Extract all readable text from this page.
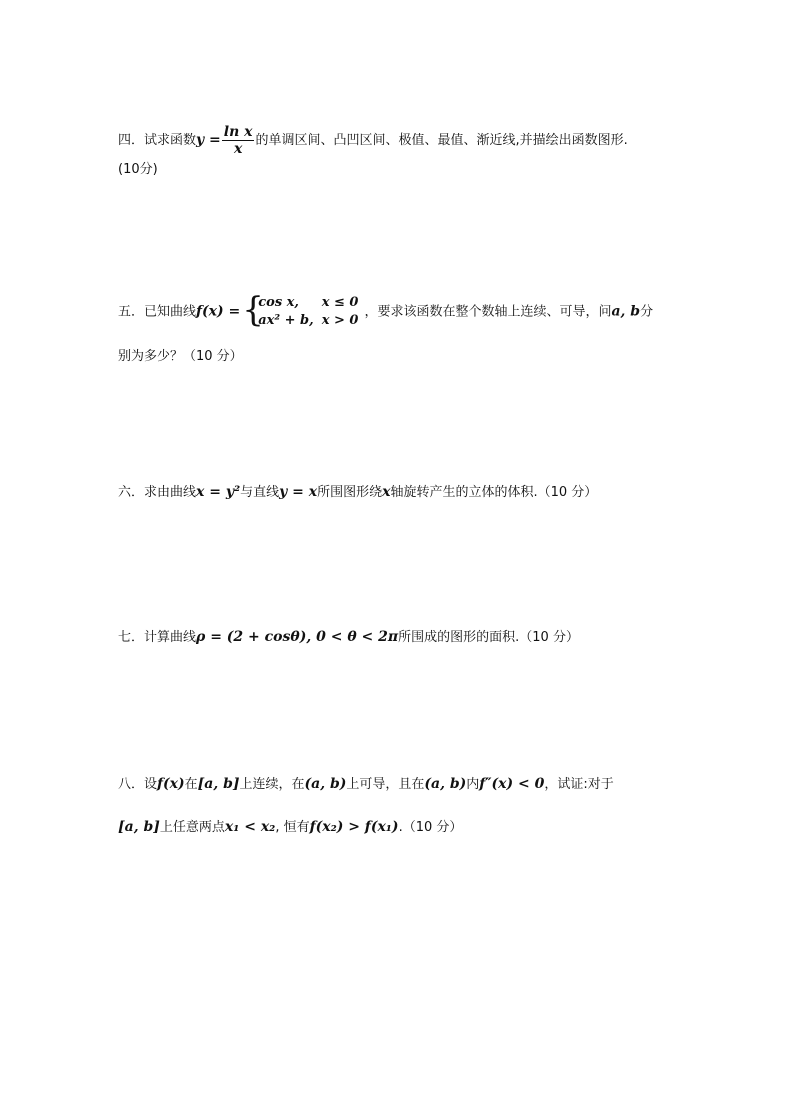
四．试求函数$y = \frac{\text{ln x}}{x}$ 的单调区间、凸凹区间、极值、最值、渐近线,并描绘出函数图形.
(10分)
五．已知曲线f(x) = {
cos x,	x ≤ 0
ax² + b,	x > 0
，要求该函数在整个数轴上连续、可导，问a, b分
别为多少？（10 分）
六．求由曲线x = y²与直线y = x所围图形绕x轴旋转产生的立体的体积.（10 分）
七．计算曲线ρ = (2 + cosθ), 0 < θ < 2π所围成的图形的面积.（10 分）
八．设f(x)在[a, b]上连续，在(a, b)上可导，且在(a, b)内f″(x) < 0，试证:对于
[a, b]上任意两点x₁ < x₂, 恒有f(x₂) > f(x₁).（10 分）
